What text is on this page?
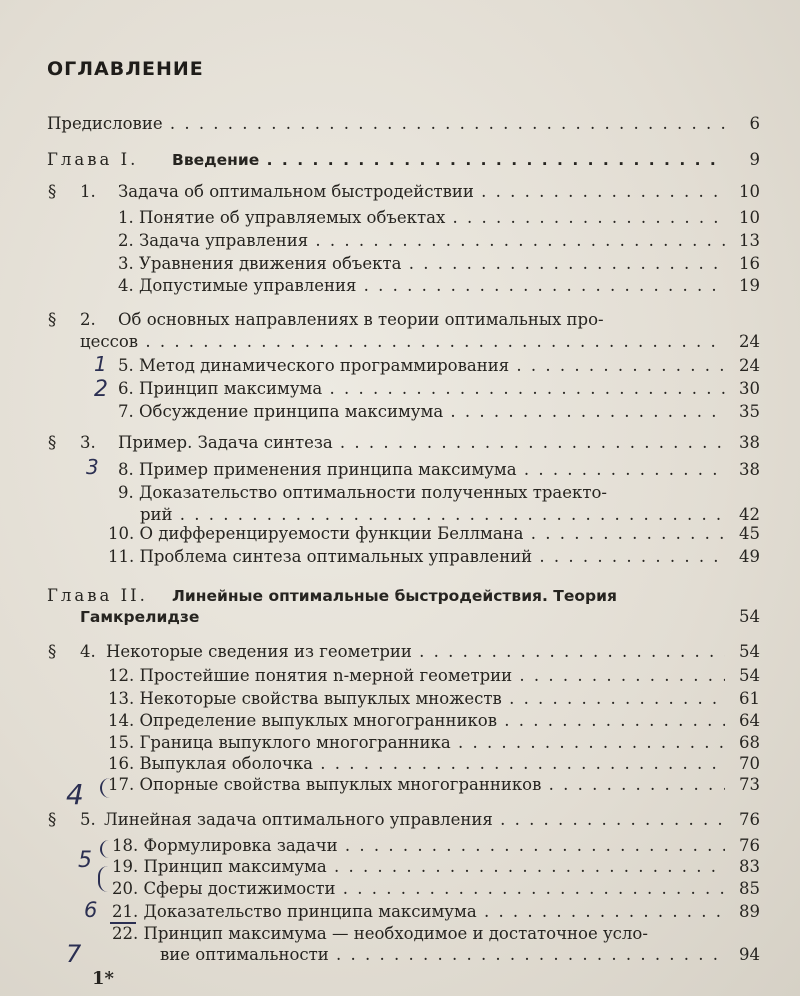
ОГЛАВЛЕНИЕ
Предисловие . . .	6
Глава I. Введение . . .	9
§ 1. Задача об оптимальном быстродействии . . .	10
1. Понятие об управляемых объектах . . .	10
2. Задача управления . . .	13
3. Уравнения движения объекта . . .	16
4. Допустимые управления . . .	19
§ 2. Об основных направлениях в теории оптимальных про-
цессов . . .	24
5. Метод динамического программирования . . .	24
6. Принцип максимума . . .	30
7. Обсуждение принципа максимума . . .	35
§ 3. Пример. Задача синтеза . . .	38
8. Пример применения принципа максимума . . .	38
9. Доказательство оптимальности полученных траекто-
рий . . .	42
10. О дифференцируемости функции Беллмана . . .	45
11. Проблема синтеза оптимальных управлений . . .	49
Глава II. Линейные оптимальные быстродействия. Теория
Гамкрелидзе	54
§ 4. Некоторые сведения из геометрии . . .	54
12. Простейшие понятия n-мерной геометрии . . .	54
13. Некоторые свойства выпуклых множеств . . .	61
14. Определение выпуклых многогранников . . .	64
15. Граница выпуклого многогранника . . .	68
16. Выпуклая оболочка . . .	70
17. Опорные свойства выпуклых многогранников . . .	73
§ 5. Линейная задача оптимального управления . . .	76
18. Формулировка задачи . . .	76
19. Принцип максимума . . .	83
20. Сферы достижимости . . .	85
21. Доказательство принципа максимума . . .	89
22. Принцип максимума — необходимое и достаточное усло-
вие оптимальности . . .	94
1
2
3
4
5
6
7
1*
